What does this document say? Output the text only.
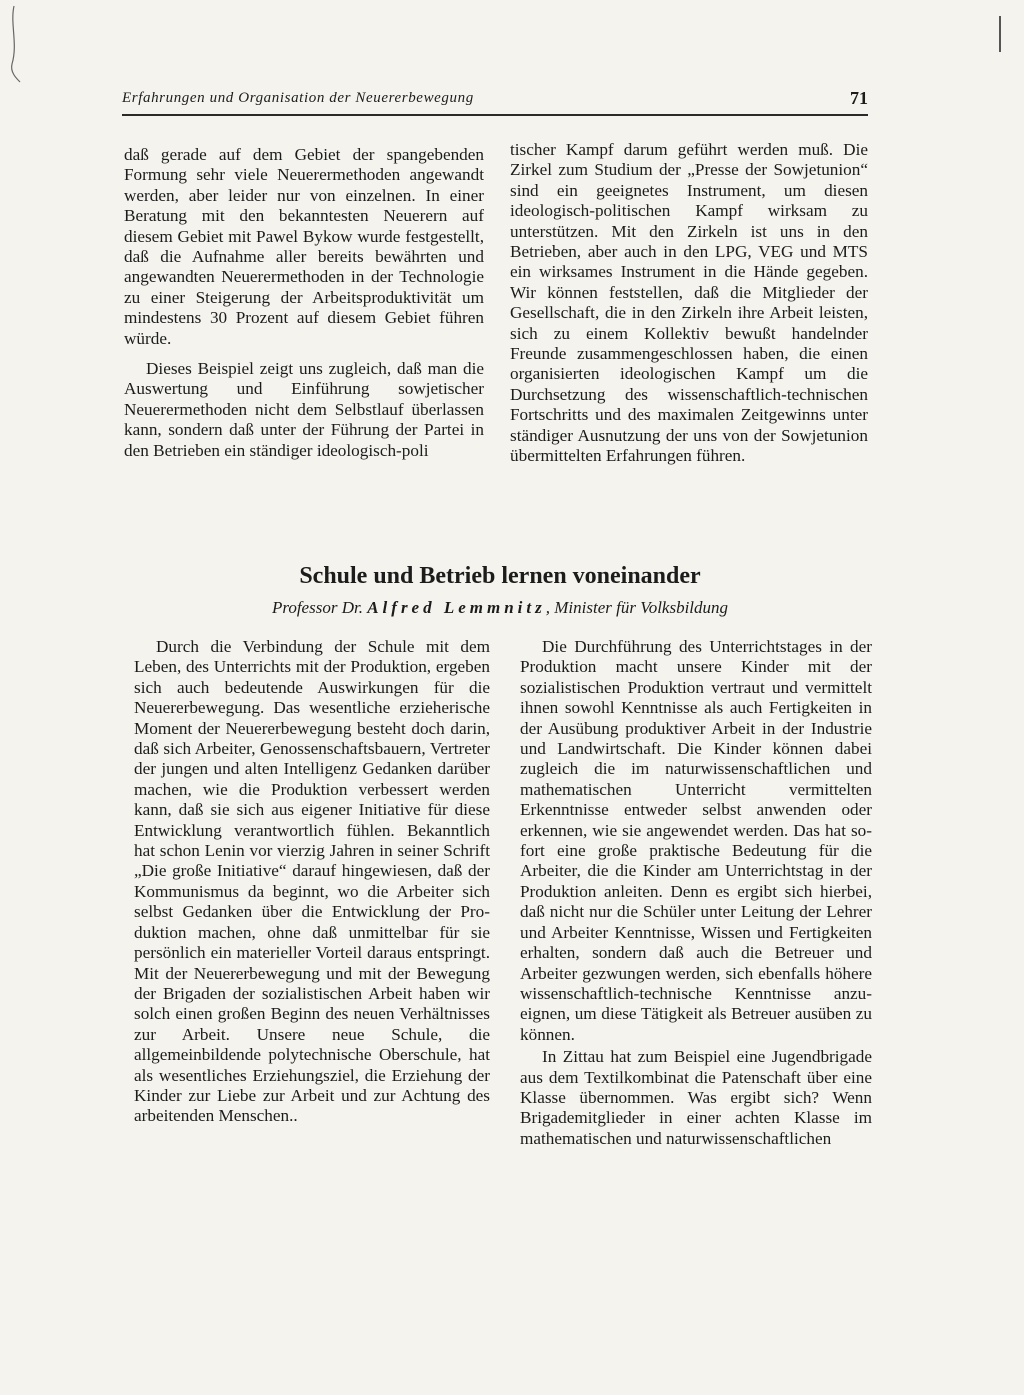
Erfahrungen und Organisation der Neuererbewegung	71

daß gerade auf dem Gebiet der spangebenden Formung sehr viele Neuerermethoden angewandt werden, aber leider nur von einzelnen. In einer Beratung mit den bekanntesten Neuerern auf diesem Gebiet mit Pawel Bykow wurde festgestellt, daß die Aufnahme aller bereits bewährten und angewandten Neuerermethoden in der Technologie zu einer Steigerung der Arbeitsproduktivität um mindestens 30 Prozent auf diesem Gebiet führen würde.

Dieses Beispiel zeigt uns zugleich, daß man die Auswertung und Einführung sowjetischer Neuerermethoden nicht dem Selbstlauf überlassen kann, sondern daß unter der Führung der Partei in den Betrieben ein ständiger ideologisch-poli

tischer Kampf darum geführt werden muß. Die Zirkel zum Studium der „Presse der Sowjetunion“ sind ein geeignetes Instrument, um diesen ideologisch-politischen Kampf wirksam zu unterstützen. Mit den Zirkeln ist uns in den Betrieben, aber auch in den LPG, VEG und MTS ein wirksames Instrument in die Hände gegeben. Wir können feststellen, daß die Mitglieder der Gesellschaft, die in den Zirkeln ihre Arbeit leisten, sich zu einem Kollektiv bewußt handelnder Freunde zusammengeschlossen haben, die einen organisierten ideologischen Kampf um die Durchsetzung des wissenschaftlich-technischen Fortschritts und des maximalen Zeitgewinns unter ständiger Ausnutzung der uns von der Sowjetunion übermittelten Erfahrungen führen.

Schule und Betrieb lernen voneinander
Professor Dr. Alfred Lemmnitz, Minister für Volksbildung

Durch die Verbindung der Schule mit dem Leben, des Unterrichts mit der Produktion, ergeben sich auch bedeutende Auswirkungen für die Neuererbewegung. Das wesentliche erzieherische Moment der Neuererbewegung besteht doch darin, daß sich Arbeiter, Genossenschaftsbauern, Vertreter der jungen und alten Intelligenz Gedanken darüber machen, wie die Produktion verbessert werden kann, daß sie sich aus eigener Initiative für diese Entwicklung verantwortlich fühlen. Bekanntlich hat schon Lenin vor vierzig Jahren in seiner Schrift „Die große Initiative“ darauf hingewiesen, daß der Kommunismus da beginnt, wo die Arbeiter sich selbst Gedanken über die Entwicklung der Produktion machen, ohne daß unmittelbar für sie persönlich ein materieller Vorteil daraus entspringt. Mit der Neuererbewegung und mit der Bewegung der Brigaden der sozialistischen Arbeit haben wir solch einen großen Beginn des neuen Verhältnisses zur Arbeit. Unsere neue Schule, die allgemeinbildende polytechnische Oberschule, hat als wesentliches Erziehungsziel, die Erziehung der Kinder zur Liebe zur Arbeit und zur Achtung des arbeitenden Menschen..

Die Durchführung des Unterrichtstages in der Produktion macht unsere Kinder mit der sozialistischen Produktion vertraut und vermittelt ihnen sowohl Kenntnisse als auch Fertigkeiten in der Ausübung produktiver Arbeit in der Industrie und Landwirtschaft. Die Kinder können dabei zugleich die im naturwissenschaftlichen und mathematischen Unterricht vermittelten Erkenntnisse entweder selbst anwenden oder erkennen, wie sie angewendet werden. Das hat sofort eine große praktische Bedeutung für die Arbeiter, die die Kinder am Unterrichtstag in der Produktion anleiten. Denn es ergibt sich hierbei, daß nicht nur die Schüler unter Leitung der Lehrer und Arbeiter Kenntnisse, Wissen und Fertigkeiten erhalten, sondern daß auch die Betreuer und Arbeiter gezwungen werden, sich ebenfalls höhere wissenschaftlich-technische Kenntnisse anzueignen, um diese Tätigkeit als Betreuer ausüben zu können.

In Zittau hat zum Beispiel eine Jugendbrigade aus dem Textilkombinat die Patenschaft über eine Klasse übernommen. Was ergibt sich? Wenn Brigademitglieder in einer achten Klasse im mathematischen und naturwissenschaftlichen
